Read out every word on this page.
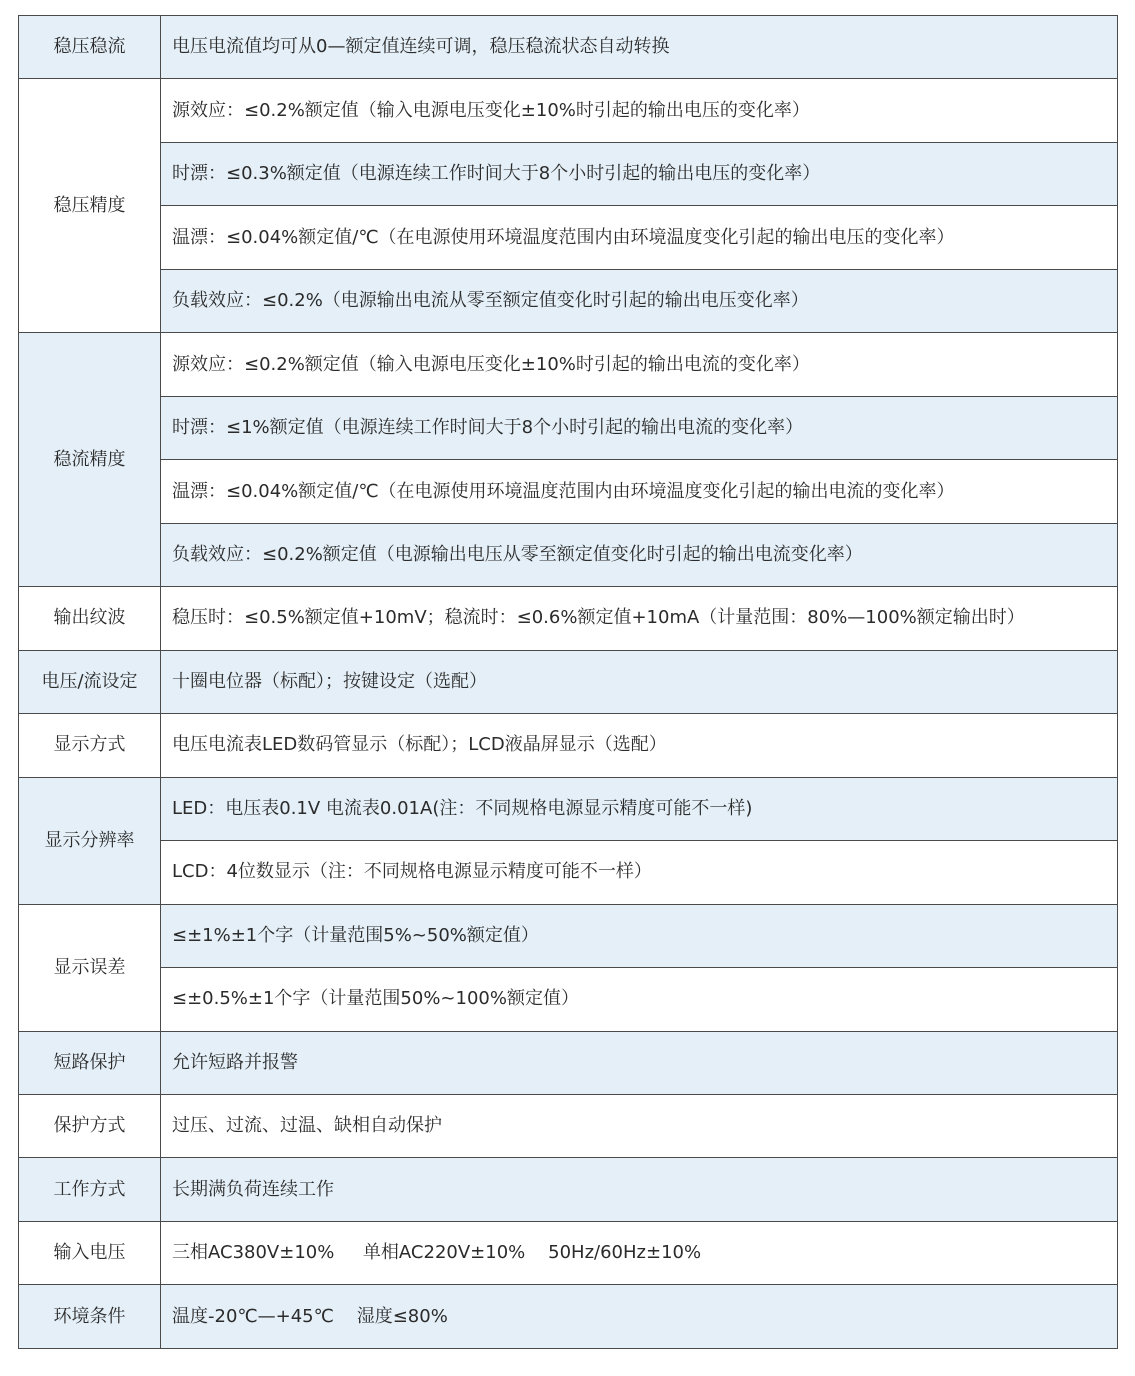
稳压稳流	电压电流值均可从0—额定值连续可调，稳压稳流状态自动转换
稳压精度	源效应：≤0.2%额定值（输入电源电压变化±10%时引起的输出电压的变化率）
	时漂：≤0.3%额定值（电源连续工作时间大于8个小时引起的输出电压的变化率）
	温漂：≤0.04%额定值/℃（在电源使用环境温度范围内由环境温度变化引起的输出电压的变化率）
	负载效应：≤0.2%（电源输出电流从零至额定值变化时引起的输出电压变化率）
稳流精度	源效应：≤0.2%额定值（输入电源电压变化±10%时引起的输出电流的变化率）
	时漂：≤1%额定值（电源连续工作时间大于8个小时引起的输出电流的变化率）
	温漂：≤0.04%额定值/℃（在电源使用环境温度范围内由环境温度变化引起的输出电流的变化率）
	负载效应：≤0.2%额定值（电源输出电压从零至额定值变化时引起的输出电流变化率）
输出纹波	稳压时：≤0.5%额定值+10mV；稳流时：≤0.6%额定值+10mA（计量范围：80%—100%额定输出时）
电压/流设定	十圈电位器（标配）；按键设定（选配）
显示方式	电压电流表LED数码管显示（标配）；LCD液晶屏显示（选配）
显示分辨率	LED：电压表0.1V 电流表0.01A(注：不同规格电源显示精度可能不一样)
	LCD：4位数显示（注：不同规格电源显示精度可能不一样）
显示误差	≤±1%±1个字（计量范围5%~50%额定值）
	≤±0.5%±1个字（计量范围50%~100%额定值）
短路保护	允许短路并报警
保护方式	过压、过流、过温、缺相自动保护
工作方式	长期满负荷连续工作
输入电压	三相AC380V±10%     单相AC220V±10%    50Hz/60Hz±10%
环境条件	温度-20℃—+45℃    湿度≤80%
